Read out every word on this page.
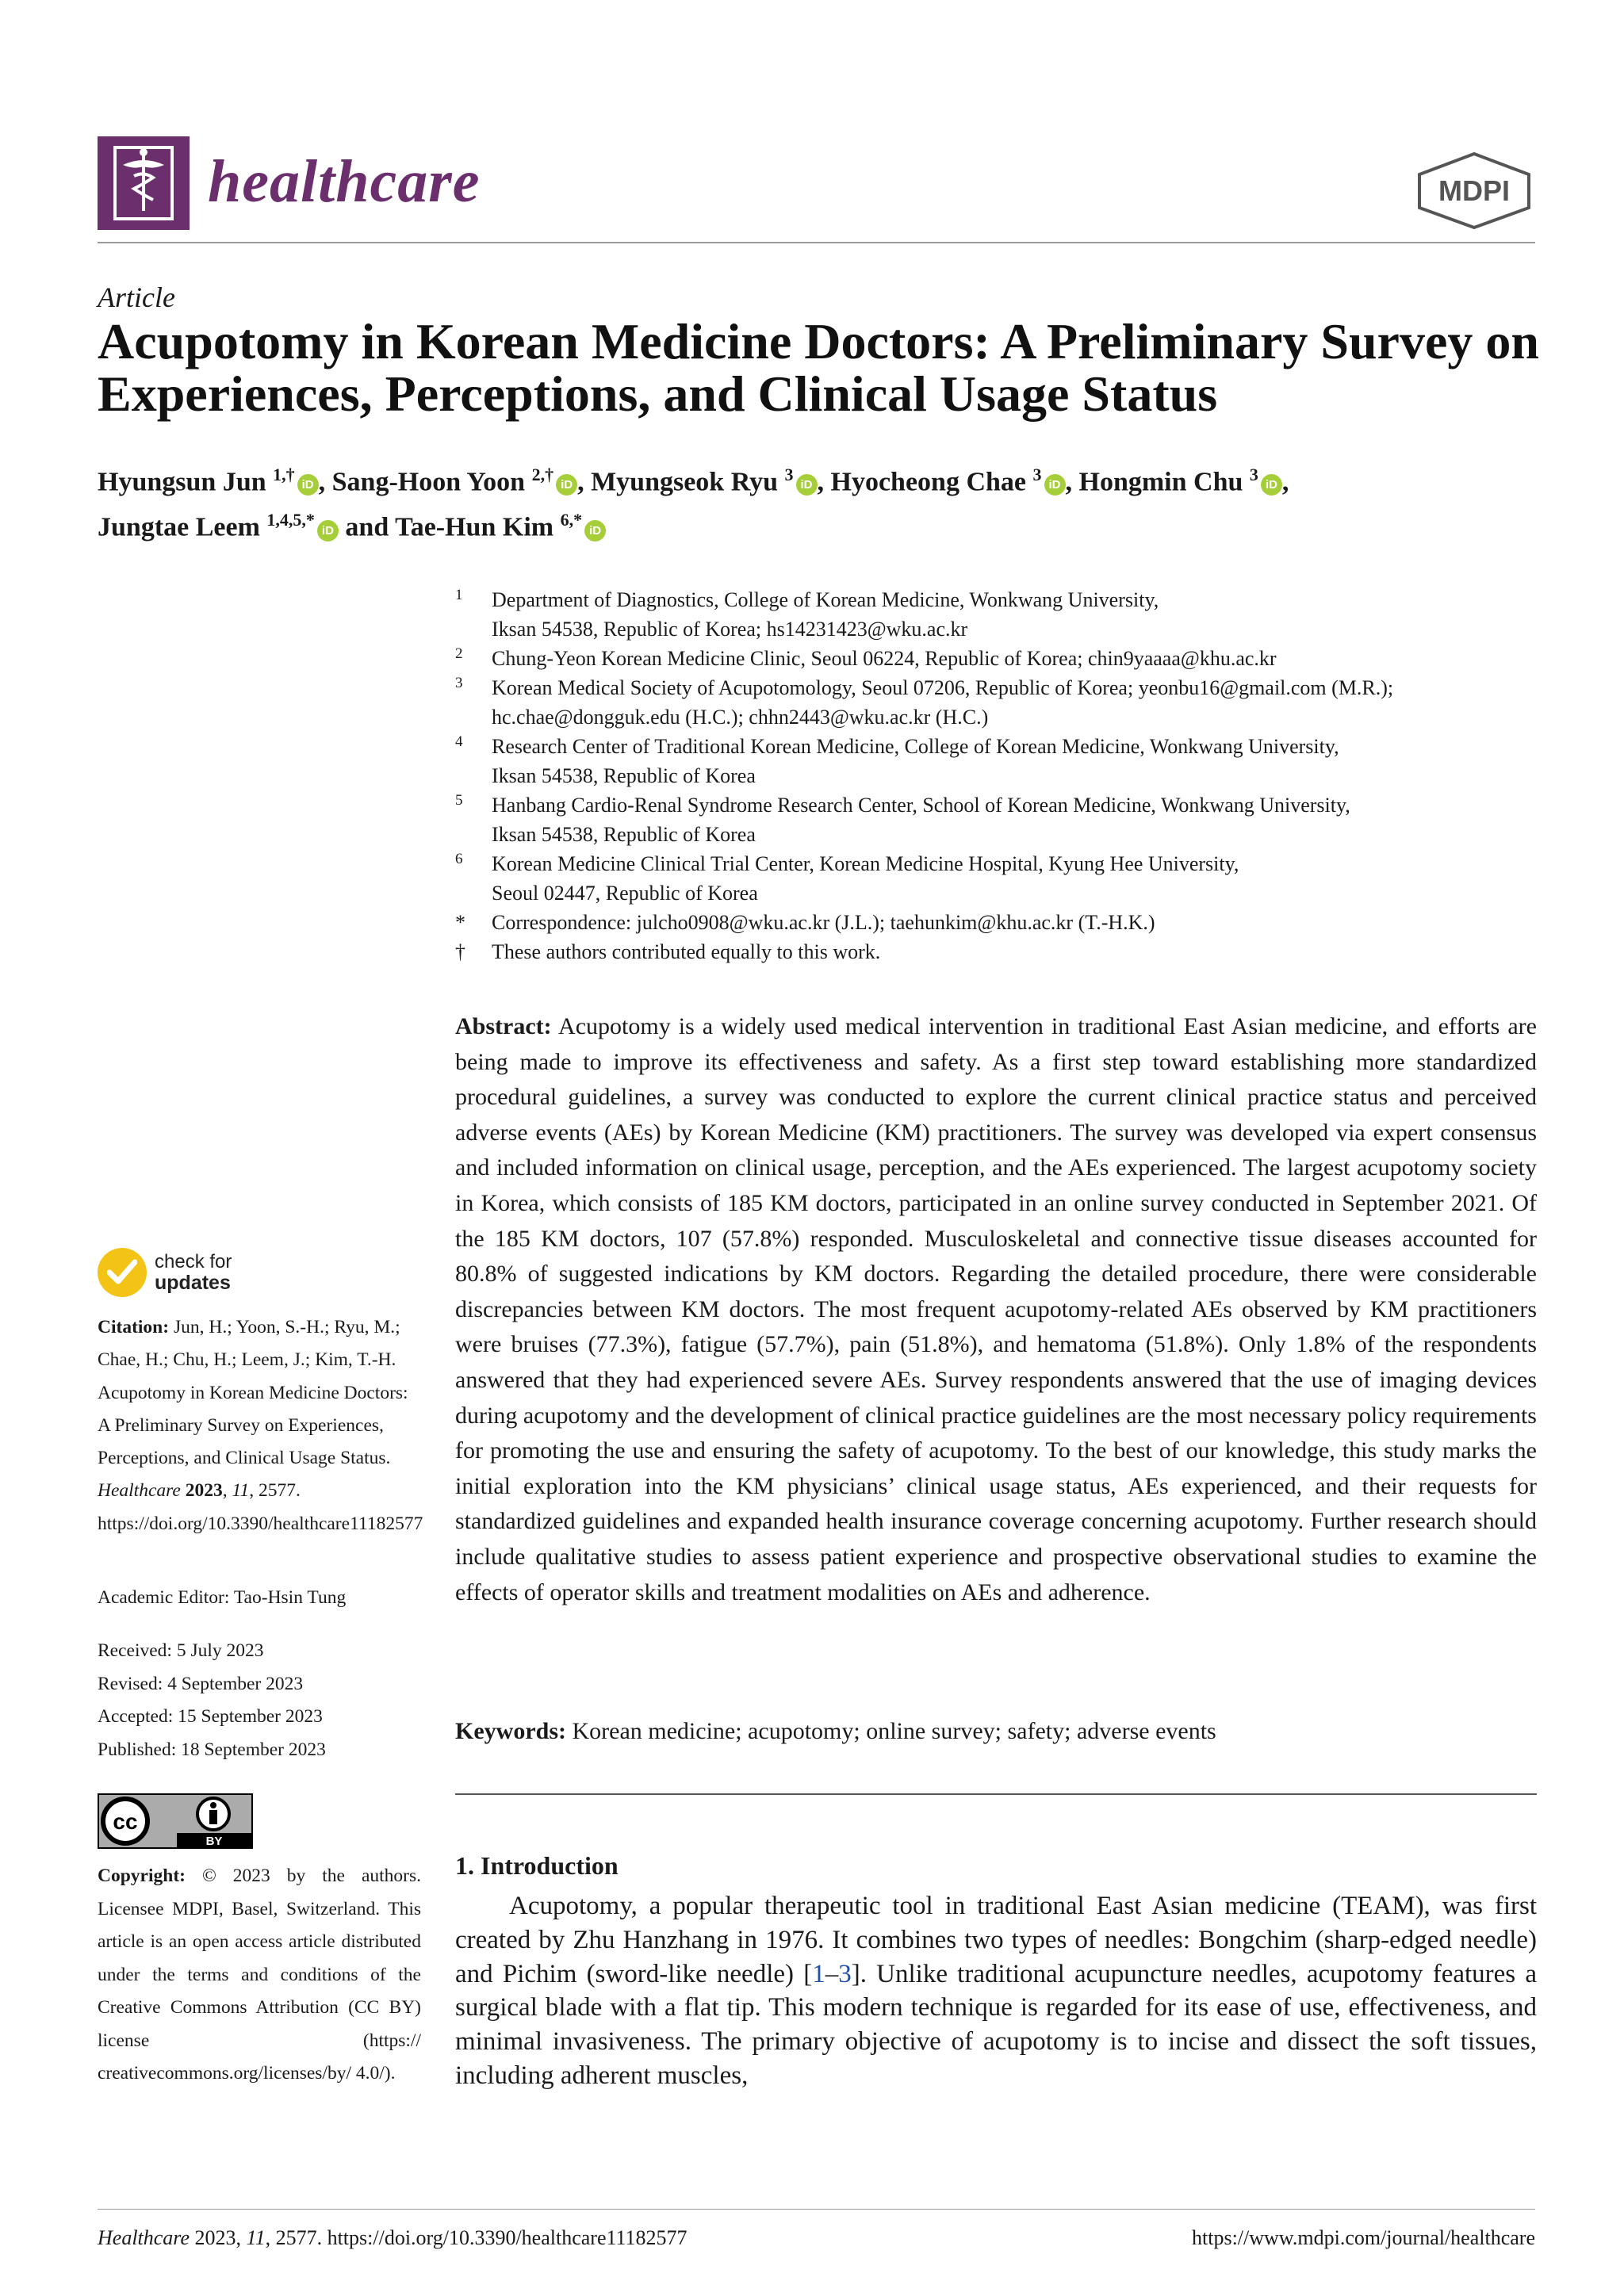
healthcare	MDPI
Article
Acupotomy in Korean Medicine Doctors: A Preliminary Survey on Experiences, Perceptions, and Clinical Usage Status
Hyungsun Jun $^{1,\dagger}$iD , Sang-Hoon Yoon $^{2,\dagger}$iD , Myungseok Ryu $^3$iD , Hyocheong Chae $^3$iD , Hongmin Chu $^3$iD ,
Jungtae Leem $^{1,4,5,*}$iD and Tae-Hun Kim $^{6,*}$iD
1 Department of Diagnostics, College of Korean Medicine, Wonkwang University,
Iksan 54538, Republic of Korea; hs14231423@wku.ac.kr
2 Chung-Yeon Korean Medicine Clinic, Seoul 06224, Republic of Korea; chin9yaaaa@khu.ac.kr
3 Korean Medical Society of Acupotomology, Seoul 07206, Republic of Korea; yeonbu16@gmail.com (M.R.);
hc.chae@dongguk.edu (H.C.); chhn2443@wku.ac.kr (H.C.)
4 Research Center of Traditional Korean Medicine, College of Korean Medicine, Wonkwang University,
Iksan 54538, Republic of Korea
5 Hanbang Cardio-Renal Syndrome Research Center, School of Korean Medicine, Wonkwang University,
Iksan 54538, Republic of Korea
6 Korean Medicine Clinical Trial Center, Korean Medicine Hospital, Kyung Hee University,
Seoul 02447, Republic of Korea
* Correspondence: julcho0908@wku.ac.kr (J.L.); taehunkim@khu.ac.kr (T.-H.K.)
† These authors contributed equally to this work.
Abstract: Acupotomy is a widely used medical intervention in traditional East Asian medicine, and efforts are being made to improve its effectiveness and safety. As a first step toward establishing more standardized procedural guidelines, a survey was conducted to explore the current clinical practice status and perceived adverse events (AEs) by Korean Medicine (KM) practitioners. The survey was developed via expert consensus and included information on clinical usage, perception, and the AEs experienced. The largest acupotomy society in Korea, which consists of 185 KM doctors, participated in an online survey conducted in September 2021. Of the 185 KM doctors, 107 (57.8%) responded. Musculoskeletal and connective tissue diseases accounted for 80.8% of suggested indications by KM doctors. Regarding the detailed procedure, there were considerable discrepancies between KM doctors. The most frequent acupotomy-related AEs observed by KM practitioners were bruises (77.3%), fatigue (57.7%), pain (51.8%), and hematoma (51.8%). Only 1.8% of the respondents answered that they had experienced severe AEs. Survey respondents answered that the use of imaging devices during acupotomy and the development of clinical practice guidelines are the most necessary policy requirements for promoting the use and ensuring the safety of acupotomy. To the best of our knowledge, this study marks the initial exploration into the KM physicians’ clinical usage status, AEs experienced, and their requests for standardized guidelines and expanded health insurance coverage concerning acupotomy. Further research should include qualitative studies to assess patient experience and prospective observational studies to examine the effects of operator skills and treatment modalities on AEs and adherence.
Keywords: Korean medicine; acupotomy; online survey; safety; adverse events
1. Introduction
Acupotomy, a popular therapeutic tool in traditional East Asian medicine (TEAM), was first created by Zhu Hanzhang in 1976. It combines two types of needles: Bongchim (sharp-edged needle) and Pichim (sword-like needle) [1–3]. Unlike traditional acupuncture needles, acupotomy features a surgical blade with a flat tip. This modern technique is regarded for its ease of use, effectiveness, and minimal invasiveness. The primary objective of acupotomy is to incise and dissect the soft tissues, including adherent muscles,
check for
updates
Citation: Jun, H.; Yoon, S.-H.; Ryu, M.; Chae, H.; Chu, H.; Leem, J.; Kim, T.-H. Acupotomy in Korean Medicine Doctors: A Preliminary Survey on Experiences, Perceptions, and Clinical Usage Status. Healthcare 2023, 11, 2577. https://doi.org/10.3390/healthcare11182577
Academic Editor: Tao-Hsin Tung
Received: 5 July 2023
Revised: 4 September 2023
Accepted: 15 September 2023
Published: 18 September 2023
cc
BY
Copyright: © 2023 by the authors. Licensee MDPI, Basel, Switzerland. This article is an open access article distributed under the terms and conditions of the Creative Commons Attribution (CC BY) license (https:// creativecommons.org/licenses/by/ 4.0/).
Healthcare 2023, 11, 2577. https://doi.org/10.3390/healthcare11182577	https://www.mdpi.com/journal/healthcare
